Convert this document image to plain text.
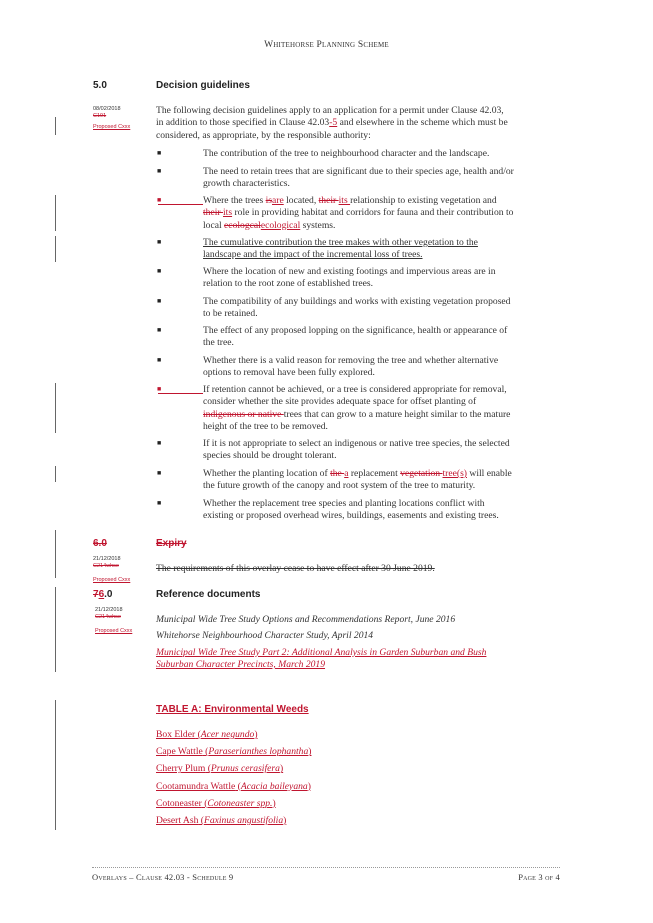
Whitehorse Planning Scheme
5.0	Decision guidelines
08/02/2018
C191
Proposed Cxxx
The following decision guidelines apply to an application for a permit under Clause 42.03,
in addition to those specified in Clause 42.03-5 and elsewhere in the scheme which must be
considered, as appropriate, by the responsible authority:
■	The contribution of the tree to neighbourhood character and the landscape.
■	The need to retain trees that are significant due to their species age, health and/or
growth characteristics.
■	Where the trees isare located, their its relationship to existing vegetation and
their its role in providing habitat and corridors for fauna and their contribution to
local ecologcalecological systems.
■	The cumulative contribution the tree makes with other vegetation to the
landscape and the impact of the incremental loss of trees.
■	Where the location of new and existing footings and impervious areas are in
relation to the root zone of established trees.
■	The compatibility of any buildings and works with existing vegetation proposed
to be retained.
■	The effect of any proposed lopping on the significance, health or appearance of
the tree.
■	Whether there is a valid reason for removing the tree and whether alternative
options to removal have been fully explored.
■	If retention cannot be achieved, or a tree is considered appropriate for removal,
consider whether the site provides adequate space for offset planting of
indigenous or native trees that can grow to a mature height similar to the mature
height of the tree to be removed.
■	If it is not appropriate to select an indigenous or native tree species, the selected
species should be drought tolerant.
■	Whether the planting location of the a replacement vegetation tree(s) will enable
the future growth of the canopy and root system of the tree to maturity.
■	Whether the replacement tree species and planting locations conflict with
existing or proposed overhead wires, buildings, easements and existing trees.
6.0	Expiry
21/12/2018
C214whse
Proposed Cxxx
The requirements of this overlay cease to have effect after 30 June 2019.
76.0	Reference documents
21/12/2018
C214whse
Proposed Cxxx
Municipal Wide Tree Study Options and Recommendations Report, June 2016
Whitehorse Neighbourhood Character Study, April 2014
Municipal Wide Tree Study Part 2: Additional Analysis in Garden Suburban and Bush
Suburban Character Precincts, March 2019
TABLE A: Environmental Weeds
Box Elder (Acer negundo)
Cape Wattle (Paraserianthes lophantha)
Cherry Plum (Prunus cerasifera)
Cootamundra Wattle (Acacia baileyana)
Cotoneaster (Cotoneaster spp.)
Desert Ash (Faxinus angustifolia)
Overlays – Clause 42.03 - Schedule 9	Page 3 of 4
